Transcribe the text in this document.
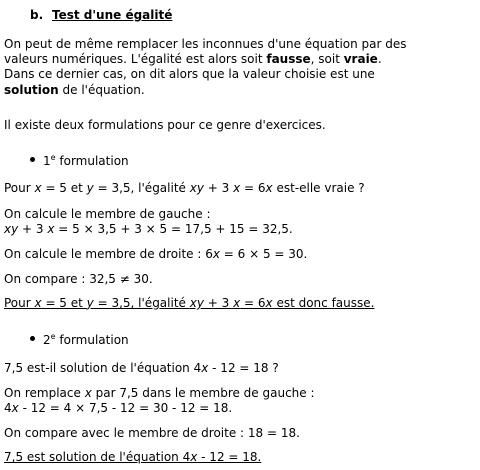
b. Test d'une égalité
On peut de même remplacer les inconnues d'une équation par des
valeurs numériques. L'égalité est alors soit fausse, soit vraie.
Dans ce dernier cas, on dit alors que la valeur choisie est une
solution de l'équation.
Il existe deux formulations pour ce genre d'exercices.
1e formulation
Pour x = 5 et y = 3,5, l'égalité xy + 3 x = 6x est-elle vraie ?
On calcule le membre de gauche :
xy + 3 x = 5 × 3,5 + 3 × 5 = 17,5 + 15 = 32,5.
On calcule le membre de droite : 6x = 6 × 5 = 30.
On compare : 32,5 ≠ 30.
Pour x = 5 et y = 3,5, l'égalité xy + 3 x = 6x est donc fausse.
2e formulation
7,5 est-il solution de l'équation 4x - 12 = 18 ?
On remplace x par 7,5 dans le membre de gauche :
4x - 12 = 4 × 7,5 - 12 = 30 - 12 = 18.
On compare avec le membre de droite : 18 = 18.
7,5 est solution de l'équation 4x - 12 = 18.
